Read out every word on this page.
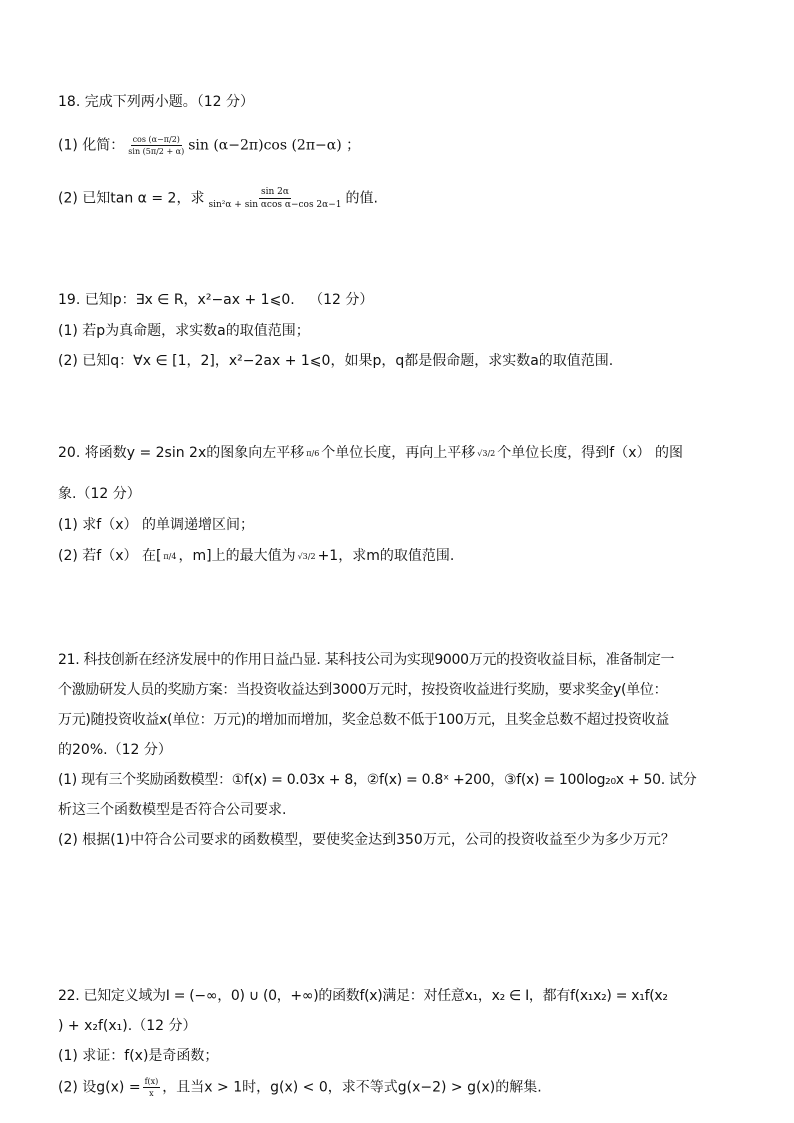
18. 完成下列两小题。（12 分）
(1) 化简： $\frac{\cos (\alpha-\pi/2)}{\sin (5\pi/2 + \alpha)}$ sin (α−2π)cos (2π−α) ；
(2) 已知tan α = 2，求 $\frac{\sin 2\alpha}{\text{sin²α + sin αcos α−cos 2α−1}}$ 的值.
19. 已知p：∃x ∈ R，x²−ax + 1⩽0. （12 分）
(1) 若p为真命题，求实数a的取值范围；
(2) 已知q：∀x ∈ [1，2]，x²−2ax + 1⩽0，如果p，q都是假命题，求实数a的取值范围.
20. 将函数y = 2sin 2x的图象向左平移 π/6 个单位长度，再向上平移 √3/2 个单位长度，得到f（x） 的图
象.（12 分）
(1) 求f（x） 的单调递增区间；
(2) 若f（x） 在[ π/4 ，m]上的最大值为 √3/2 +1，求m的取值范围.
21. 科技创新在经济发展中的作用日益凸显. 某科技公司为实现9000万元的投资收益目标，准备制定一
个激励研发人员的奖励方案：当投资收益达到3000万元时，按投资收益进行奖励，要求奖金y(单位：
万元)随投资收益x(单位：万元)的增加而增加，奖金总数不低于100万元，且奖金总数不超过投资收益
的20%.（12 分）
(1) 现有三个奖励函数模型：①f(x) = 0.03x + 8，②f(x) = 0.8ˣ +200，③f(x) = 100log₂₀x + 50. 试分
析这三个函数模型是否符合公司要求.
(2) 根据(1)中符合公司要求的函数模型，要使奖金达到350万元，公司的投资收益至少为多少万元？
22. 已知定义域为I = (−∞，0) ∪ (0，+∞)的函数f(x)满足：对任意x₁，x₂ ∈ I，都有f(x₁x₂) = x₁f(x₂
) + x₂f(x₁).（12 分）
(1) 求证：f(x)是奇函数；
(2) 设$g(x) = \frac{f(x)}{x}$ ，且当x > 1时，g(x) < 0，求不等式g(x−2) > g(x)的解集.
